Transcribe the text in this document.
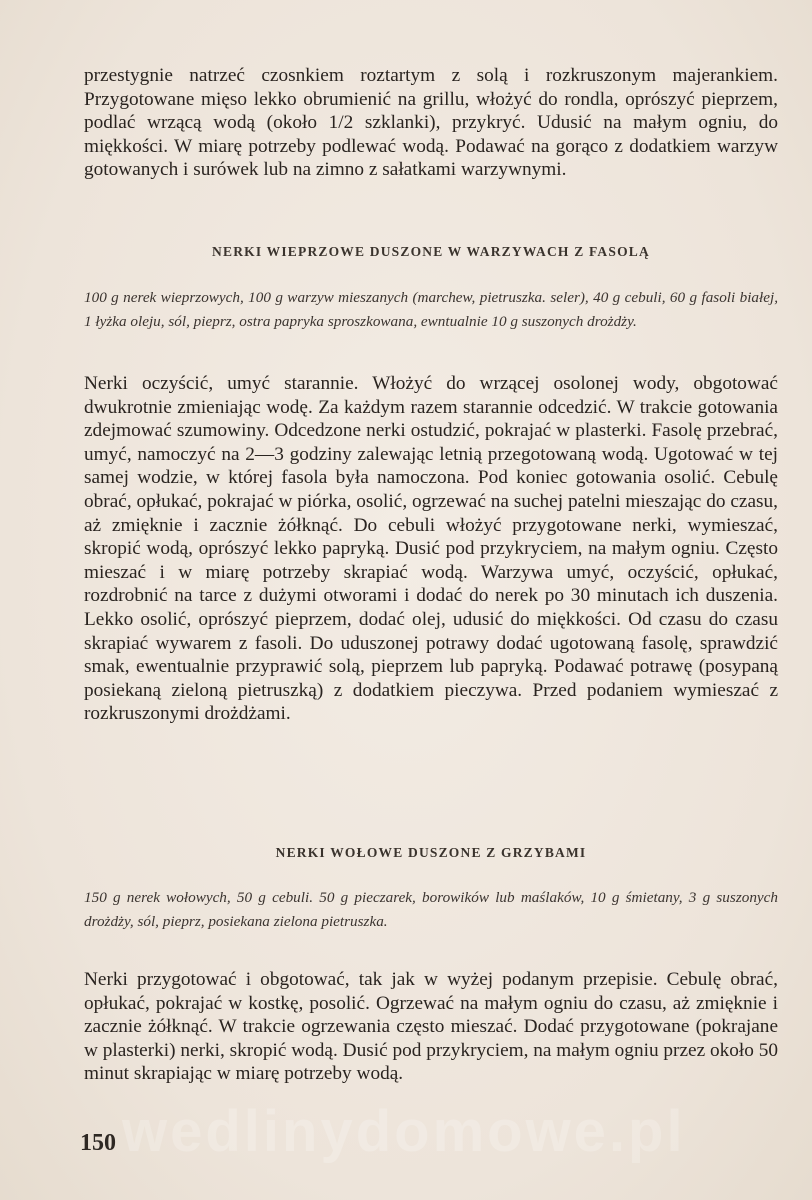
przestygnie natrzeć czosnkiem roztartym z solą i rozkruszonym majerankiem. Przygotowane mięso lekko obrumienić na grillu, włożyć do rondla, oprószyć pieprzem, podlać wrzącą wodą (około 1/2 szklanki), przykryć. Udusić na małym ogniu, do miękkości. W miarę potrzeby podlewać wodą. Podawać na gorąco z dodatkiem warzyw gotowanych i surówek lub na zimno z sałatkami warzywnymi.

NERKI WIEPRZOWE DUSZONE W WARZYWACH Z FASOLĄ

100 g nerek wieprzowych, 100 g warzyw mieszanych (marchew, pietruszka. seler), 40 g cebuli, 60 g fasoli białej, 1 łyżka oleju, sól, pieprz, ostra papryka sproszkowana, ewntualnie 10 g suszonych drożdży.

Nerki oczyścić, umyć starannie. Włożyć do wrzącej osolonej wody, obgotować dwukrotnie zmieniając wodę. Za każdym razem starannie odcedzić. W trakcie gotowania zdejmować szumowiny. Odcedzone nerki ostudzić, pokrajać w plasterki. Fasolę przebrać, umyć, namoczyć na 2—3 godziny zalewając letnią przegotowaną wodą. Ugotować w tej samej wodzie, w której fasola była namoczona. Pod koniec gotowania osolić. Cebulę obrać, opłukać, pokrajać w piórka, osolić, ogrzewać na suchej patelni mieszając do czasu, aż zmięknie i zacznie żółknąć. Do cebuli włożyć przygotowane nerki, wymieszać, skropić wodą, oprószyć lekko papryką. Dusić pod przykryciem, na małym ogniu. Często mieszać i w miarę potrzeby skrapiać wodą. Warzywa umyć, oczyścić, opłukać, rozdrobnić na tarce z dużymi otworami i dodać do nerek po 30 minutach ich duszenia. Lekko osolić, oprószyć pieprzem, dodać olej, udusić do miękkości. Od czasu do czasu skrapiać wywarem z fasoli. Do uduszonej potrawy dodać ugotowaną fasolę, sprawdzić smak, ewentualnie przyprawić solą, pieprzem lub papryką. Podawać potrawę (posypaną posiekaną zieloną pietruszką) z dodatkiem pieczywa. Przed podaniem wymieszać z rozkruszonymi drożdżami.

NERKI WOŁOWE DUSZONE Z GRZYBAMI

150 g nerek wołowych, 50 g cebuli. 50 g pieczarek, borowików lub maślaków, 10 g śmietany, 3 g suszonych drożdży, sól, pieprz, posiekana zielona pietruszka.

Nerki przygotować i obgotować, tak jak w wyżej podanym przepisie. Cebulę obrać, opłukać, pokrajać w kostkę, posolić. Ogrzewać na małym ogniu do czasu, aż zmięknie i zacznie żółknąć. W trakcie ogrzewania często mieszać. Dodać przygotowane (pokrajane w plasterki) nerki, skropić wodą. Dusić pod przykryciem, na małym ogniu przez około 50 minut skrapiając w miarę potrzeby wodą.

wedlinydomowe.pl

150
